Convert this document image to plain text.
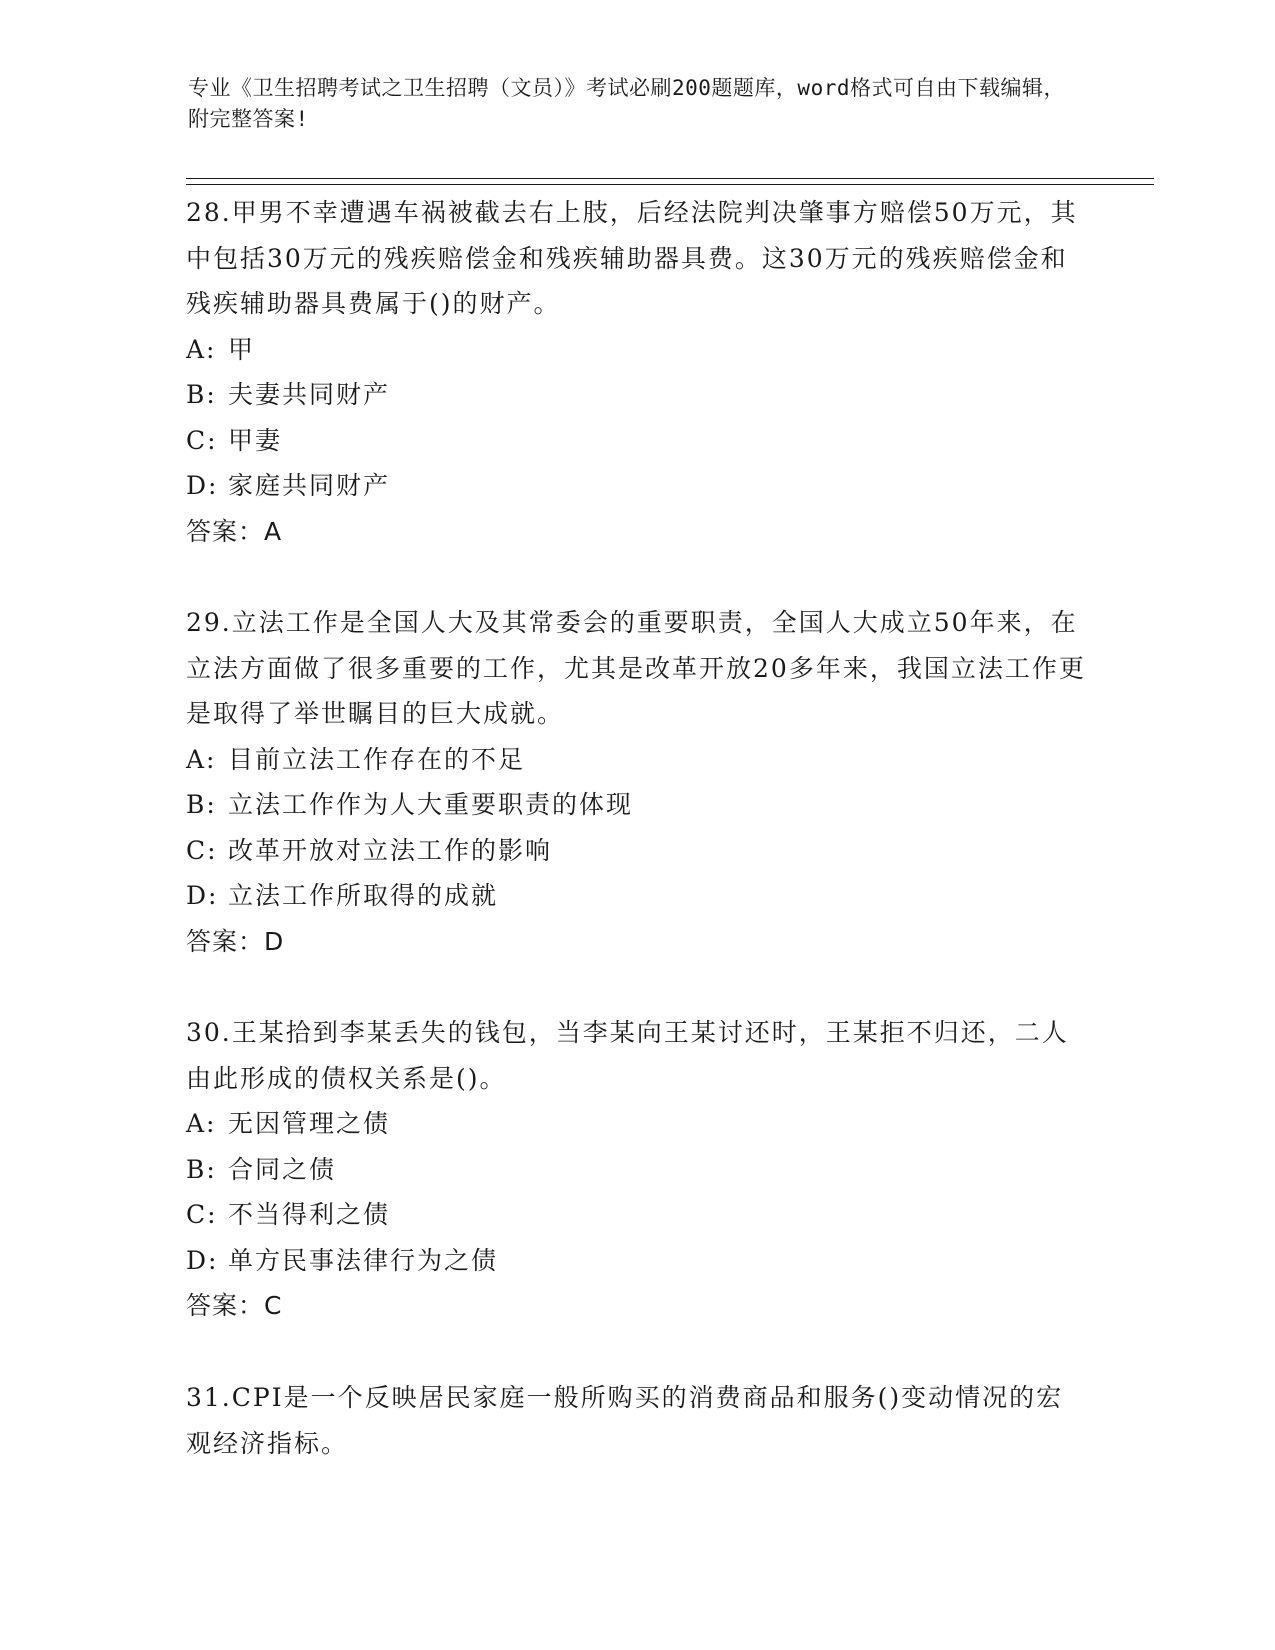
专业《卫生招聘考试之卫生招聘（文员）》考试必刷200题题库，word格式可自由下载编辑，附完整答案!

28.甲男不幸遭遇车祸被截去右上肢，后经法院判决肇事方赔偿50万元，其中包括30万元的残疾赔偿金和残疾辅助器具费。这30万元的残疾赔偿金和残疾辅助器具费属于()的财产。

A: 甲

B: 夫妻共同财产

C: 甲妻

D: 家庭共同财产

答案：A

29.立法工作是全国人大及其常委会的重要职责，全国人大成立50年来，在立法方面做了很多重要的工作，尤其是改革开放20多年来，我国立法工作更是取得了举世瞩目的巨大成就。

A: 目前立法工作存在的不足

B: 立法工作作为人大重要职责的体现

C: 改革开放对立法工作的影响

D: 立法工作所取得的成就

答案：D

30.王某拾到李某丢失的钱包，当李某向王某讨还时，王某拒不归还，二人由此形成的债权关系是()。

A: 无因管理之债

B: 合同之债

C: 不当得利之债

D: 单方民事法律行为之债

答案：C

31.CPI是一个反映居民家庭一般所购买的消费商品和服务()变动情况的宏观经济指标。
